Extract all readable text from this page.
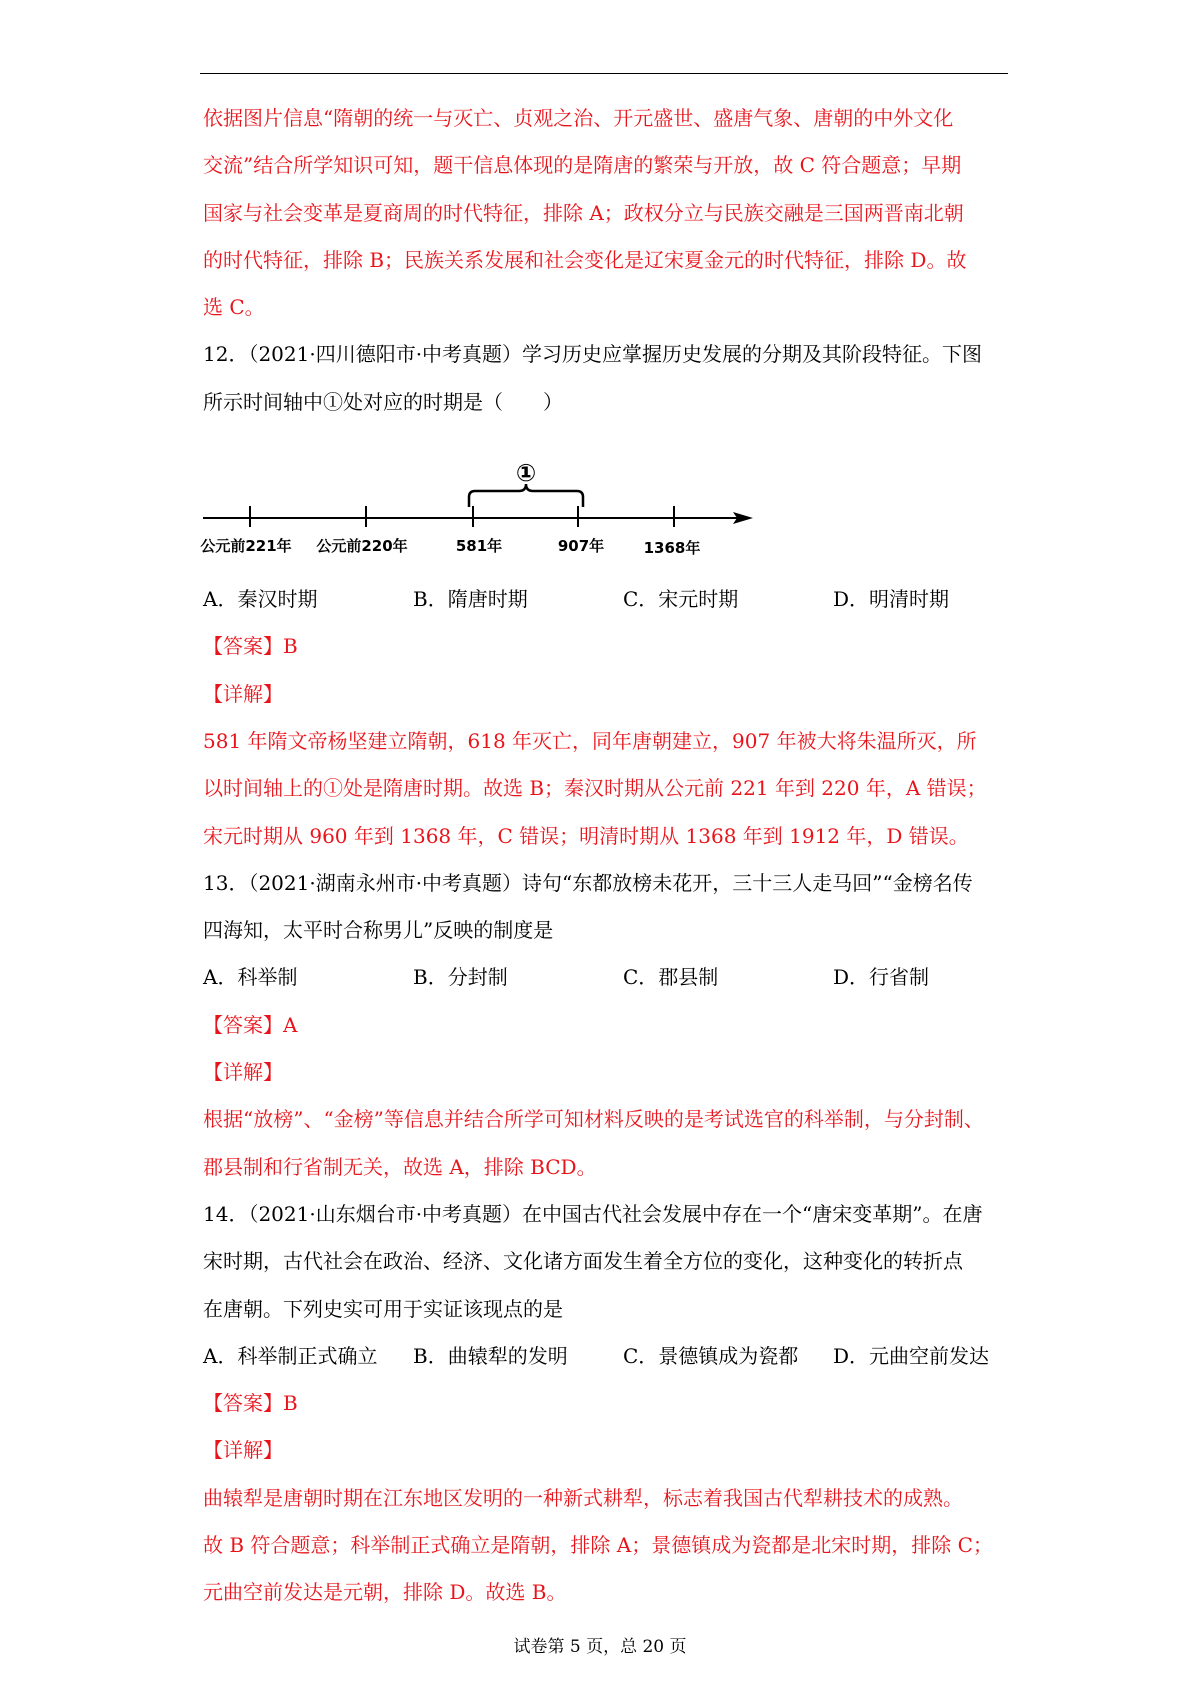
依据图片信息“隋朝的统一与灭亡、贞观之治、开元盛世、盛唐气象、唐朝的中外文化
交流”结合所学知识可知，题干信息体现的是隋唐的繁荣与开放，故 C 符合题意；早期
国家与社会变革是夏商周的时代特征，排除 A；政权分立与民族交融是三国两晋南北朝
的时代特征，排除 B；民族关系发展和社会变化是辽宋夏金元的时代特征，排除 D。故
选 C。
12．（2021·四川德阳市·中考真题）学习历史应掌握历史发展的分期及其阶段特征。下图
所示时间轴中①处对应的时期是（　　）
①
公元前221年 公元前220年	581年	907年	1368年
A．秦汉时期	B．隋唐时期	C．宋元时期	D．明清时期
【答案】B
【详解】
581 年隋文帝杨坚建立隋朝，618 年灭亡，同年唐朝建立，907 年被大将朱温所灭，所
以时间轴上的①处是隋唐时期。故选 B；秦汉时期从公元前 221 年到 220 年，A 错误；
宋元时期从 960 年到 1368 年，C 错误；明清时期从 1368 年到 1912 年，D 错误。
13．（2021·湖南永州市·中考真题）诗句“东都放榜未花开，三十三人走马回”“金榜名传
四海知，太平时合称男儿”反映的制度是
A．科举制	B．分封制	C．郡县制	D．行省制
【答案】A
【详解】
根据“放榜”、“金榜”等信息并结合所学可知材料反映的是考试选官的科举制，与分封制、
郡县制和行省制无关，故选 A，排除 BCD。
14．（2021·山东烟台市·中考真题）在中国古代社会发展中存在一个“唐宋变革期”。在唐
宋时期，古代社会在政治、经济、文化诸方面发生着全方位的变化，这种变化的转折点
在唐朝。下列史实可用于实证该现点的是
A．科举制正式确立 B．曲辕犁的发明	C．景德镇成为瓷都 D．元曲空前发达
【答案】B
【详解】
曲辕犁是唐朝时期在江东地区发明的一种新式耕犁，标志着我国古代犁耕技术的成熟。
故 B 符合题意；科举制正式确立是隋朝，排除 A；景德镇成为瓷都是北宋时期，排除 C；
元曲空前发达是元朝，排除 D。故选 B。
试卷第 5 页，总 20 页
